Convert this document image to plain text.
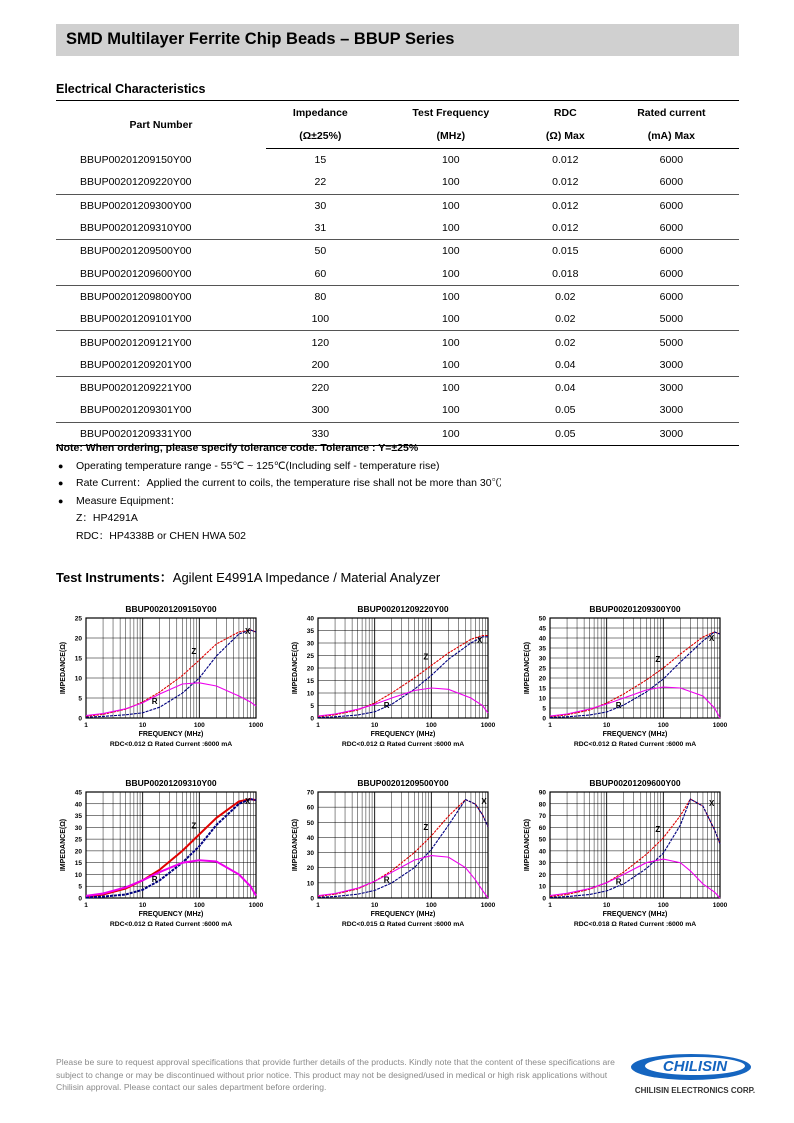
SMD Multilayer Ferrite Chip Beads – BBUP Series
Electrical Characteristics
Part Number	Impedance	Test Frequency	RDC	Rated current
	(Ω±25%)	(MHz)	(Ω) Max	(mA) Max
BBUP00201209150Y00	15	100	0.012	6000
BBUP00201209220Y00	22	100	0.012	6000
BBUP00201209300Y00	30	100	0.012	6000
BBUP00201209310Y00	31	100	0.012	6000
BBUP00201209500Y00	50	100	0.015	6000
BBUP00201209600Y00	60	100	0.018	6000
BBUP00201209800Y00	80	100	0.02	6000
BBUP00201209101Y00	100	100	0.02	5000
BBUP00201209121Y00	120	100	0.02	5000
BBUP00201209201Y00	200	100	0.04	3000
BBUP00201209221Y00	220	100	0.04	3000
BBUP00201209301Y00	300	100	0.05	3000
BBUP00201209331Y00	330	100	0.05	3000
Note: When ordering, please specify tolerance code. Tolerance : Y=±25%
● Operating temperature range - 55℃ ~ 125℃(Including self - temperature rise)
● Rate Current：Applied the current to coils, the temperature rise shall not be more than 30℃
● Measure Equipment：
Z：HP4291A
RDC：HP4338B or CHEN HWA 502
Test Instruments：Agilent E4991A Impedance / Material Analyzer
BBUP00201209150Y00
0
5
10
15
20
25
1	10	100	1000
FREQUENCY (MHz)
RDC<0.012 Ω Rated Current :6000 mA
IMPEDANCE(Ω)	Z
X
R
BBUP00201209220Y00
0
5
10
15
20
25
30
35
40
1	10	100	1000
FREQUENCY (MHz)
RDC<0.012 Ω Rated Current :6000 mA
IMPEDANCE(Ω)	Z
X
R
BBUP00201209300Y00
0
5
10
15
20
25
30
35
40
45
50
1	10	100	1000
FREQUENCY (MHz)
RDC<0.012 Ω Rated Current :6000 mA
IMPEDANCE(Ω)	Z
X
R
BBUP00201209310Y00
0
5
10
15
20
25
30
35
40
45
1	10	100	1000
FREQUENCY (MHz)
RDC<0.012 Ω Rated Current :6000 mA
IMPEDANCE(Ω)	Z
X
R
BBUP00201209500Y00
0
10
20
30
40
50
60
70
1	10	100	1000
FREQUENCY (MHz)
RDC<0.015 Ω Rated Current :6000 mA
IMPEDANCE(Ω)	Z
X
R
BBUP00201209600Y00
0
10
20
30
40
50
60
70
80
90
1	10	100	1000
FREQUENCY (MHz)
RDC<0.018 Ω Rated Current :6000 mA
IMPEDANCE(Ω)	Z
X
R
Please be sure to request approval specifications that provide further details of the products. Kindly note that the content of these specifications are subject to change or may be discontinued without prior notice. This product may not be designed/used in medical or high risk applications without Chilisin approval. Please contact our sales department before ordering.
CHILISIN
CHILISIN ELECTRONICS CORP.
